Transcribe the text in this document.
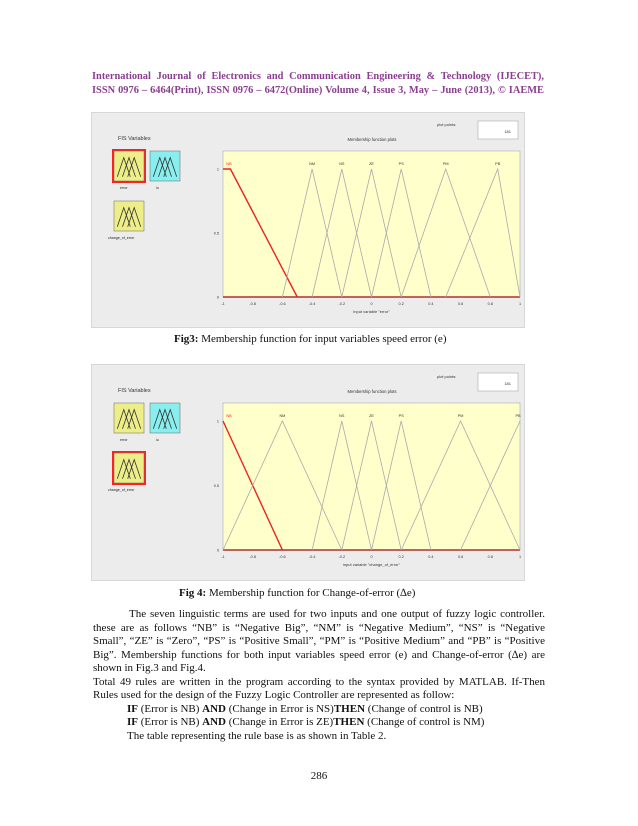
International Journal of Electronics and Communication Engineering & Technology (IJECET),
ISSN 0976 – 6464(Print), ISSN 0976 – 6472(Online) Volume 4, Issue 3, May – June (2013), © IAEME
FIS Variables
error	iu
change_of_error
plot points:
181
Membership function plots
0
0.5
1
-1	-0.8	-0.6	-0.4	-0.2	0	0.2	0.4	0.6	0.8	1
input variable "error"
NB	NM	NS	ZE	PS	PM	PB
Fig3: Membership function for input variables speed error (e)
FIS Variables
error	iu
change_of_error
plot points:
181
Membership function plots
0
0.5
1
-1	-0.8	-0.6	-0.4	-0.2	0	0.2	0.4	0.6	0.8	1
input variable "change_of_error"
NB	NM	NS	ZE	PS	PM	PB
Fig 4: Membership function for Change-of-error (∆e)

The seven linguistic terms are used for two inputs and one output of fuzzy logic controller. these are as follows “NB” is “Negative Big”, “NM” is “Negative Medium”, “NS” is “Negative Small”, “ZE” is “Zero”, “PS” is “Positive Small”, “PM” is “Positive Medium” and “PB” is “Positive Big”. Membership functions for both input variables speed error (e) and Change-of-error (∆e) are shown in Fig.3 and Fig.4.

Total 49 rules are written in the program according to the syntax provided by MATLAB. If-Then Rules used for the design of the Fuzzy Logic Controller are represented as follow:

IF (Error is NB) AND (Change in Error is NS)THEN (Change of control is NB)

IF (Error is NB) AND (Change in Error is ZE)THEN (Change of control is NM)

The table representing the rule base is as shown in Table 2.

286
